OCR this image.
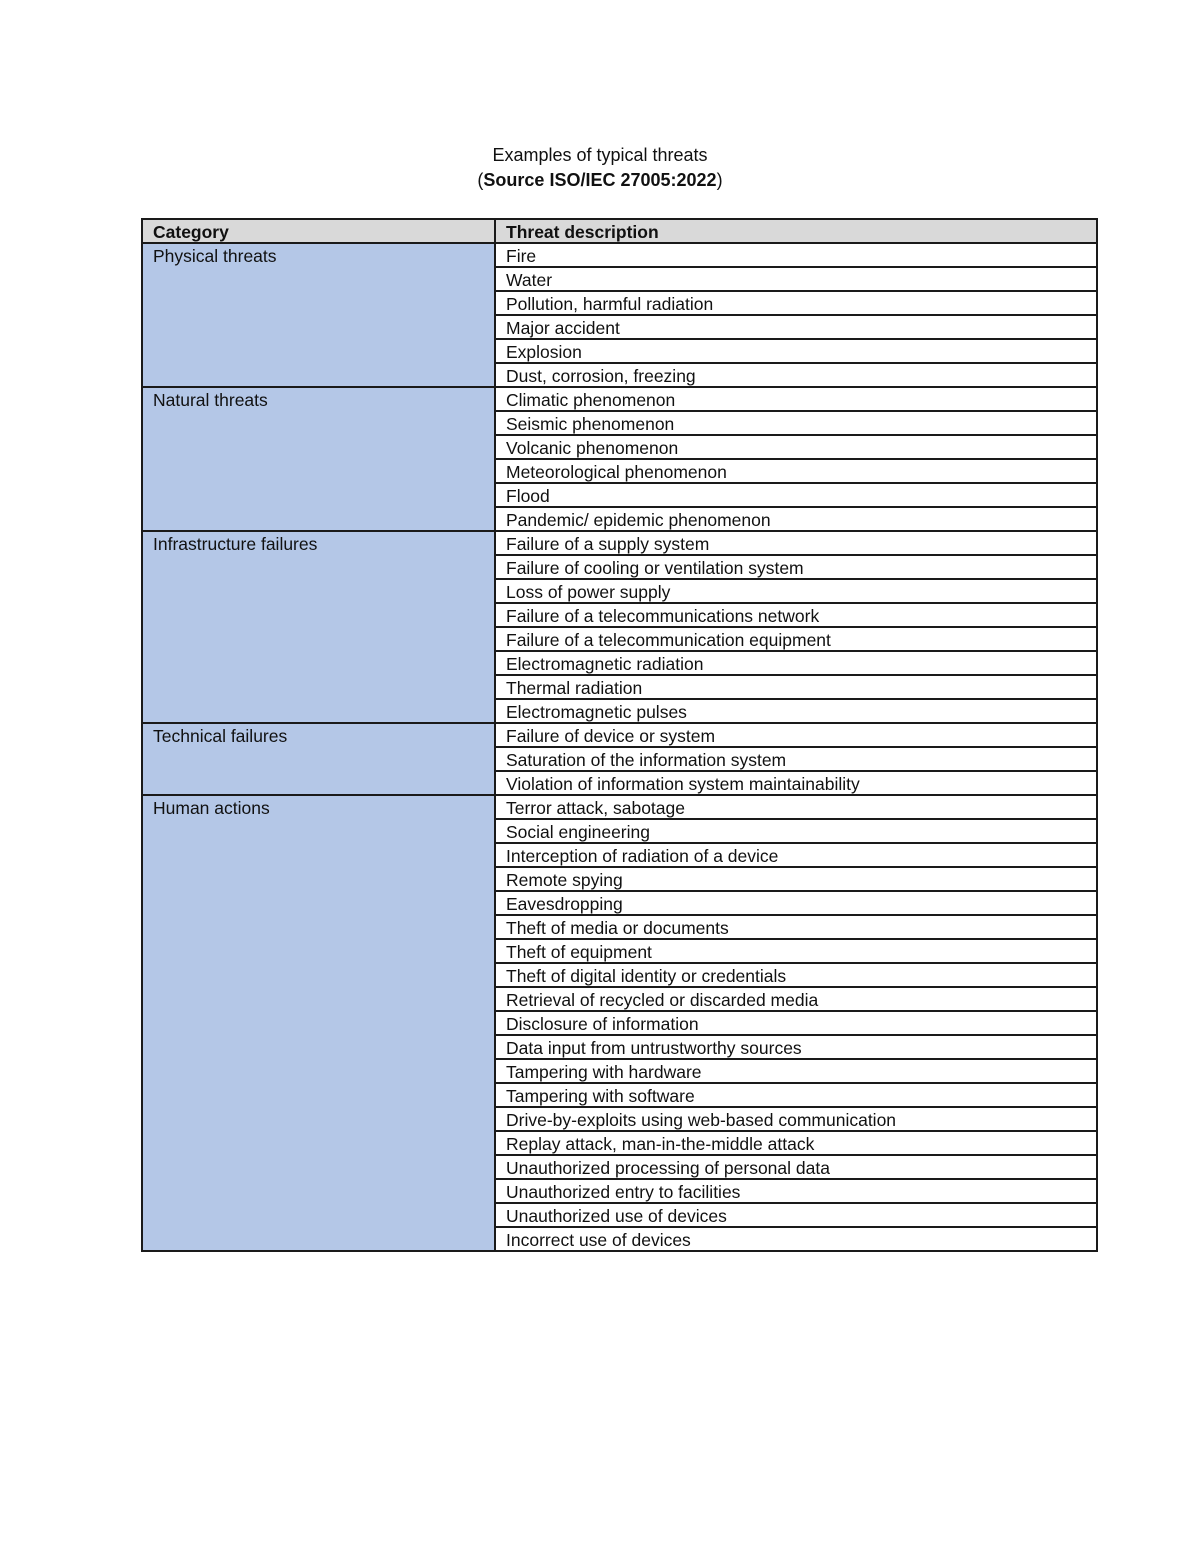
Examples of typical threats
(Source ISO/IEC 27005:2022)
Category	Threat description
Physical threats	Fire
	Water
	Pollution, harmful radiation
	Major accident
	Explosion
	Dust, corrosion, freezing
Natural threats	Climatic phenomenon
	Seismic phenomenon
	Volcanic phenomenon
	Meteorological phenomenon
	Flood
	Pandemic/ epidemic phenomenon
Infrastructure failures	Failure of a supply system
	Failure of cooling or ventilation system
	Loss of power supply
	Failure of a telecommunications network
	Failure of a telecommunication equipment
	Electromagnetic radiation
	Thermal radiation
	Electromagnetic pulses
Technical failures	Failure of device or system
	Saturation of the information system
	Violation of information system maintainability
Human actions	Terror attack, sabotage
	Social engineering
	Interception of radiation of a device
	Remote spying
	Eavesdropping
	Theft of media or documents
	Theft of equipment
	Theft of digital identity or credentials
	Retrieval of recycled or discarded media
	Disclosure of information
	Data input from untrustworthy sources
	Tampering with hardware
	Tampering with software
	Drive-by-exploits using web-based communication
	Replay attack, man-in-the-middle attack
	Unauthorized processing of personal data
	Unauthorized entry to facilities
	Unauthorized use of devices
	Incorrect use of devices
